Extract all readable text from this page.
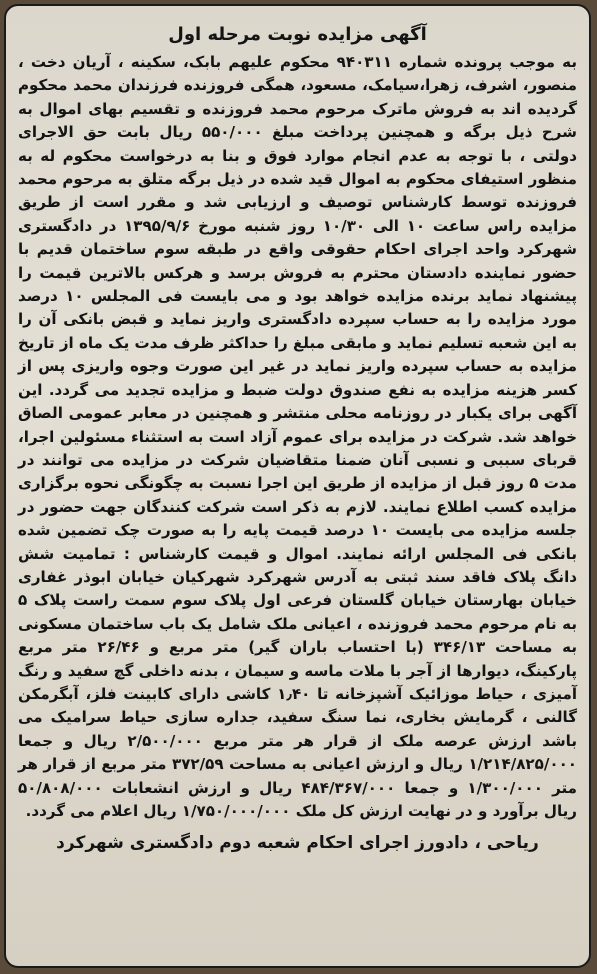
آگهی مزایده نوبت مرحله اول

به موجب پرونده شماره ۹۴۰۳۱۱ محکوم علیهم بابک، سکینه ، آریان دخت ، منصور، اشرف، زهرا،سیامک، مسعود، همگی فروزنده فرزندان محمد محکوم گردیده اند به فروش ماترک مرحوم محمد فروزنده و تقسیم بهای اموال به شرح ذیل برگه و همچنین پرداخت مبلغ ۵۵۰/۰۰۰ ریال بابت حق الاجرای دولتی ، با توجه به عدم انجام موارد فوق و بنا به درخواست محکوم له به منظور استیفای محکوم به اموال قید شده در ذیل برگه متلق به مرحوم محمد فروزنده توسط کارشناس توصیف و ارزیابی شد و مقرر است از طریق مزایده راس ساعت ۱۰ الی ۱۰/۳۰ روز شنبه مورخ ۱۳۹۵/۹/۶ در دادگستری شهرکرد واحد اجرای احکام حقوقی واقع در طبقه سوم ساختمان قدیم با حضور نماینده دادستان محترم به فروش برسد و هرکس بالاترین قیمت را پیشنهاد نماید برنده مزایده خواهد بود و می بایست فی المجلس ۱۰ درصد مورد مزایده را به حساب سپرده دادگستری واریز نماید و قبض بانکی آن را به این شعبه تسلیم نماید و مابقی مبلغ را حداکثر ظرف مدت یک ماه از تاریخ مزایده به حساب سپرده واریز نماید در غیر این صورت وجوه واریزی پس از کسر هزینه مزایده به نفع صندوق دولت ضبط و مزایده تجدید می گردد. این آگهی برای یکبار در روزنامه محلی منتشر و همچنین در معابر عمومی الصاق خواهد شد. شرکت در مزایده برای عموم آزاد است به استثناء مسئولین اجرا، قربای سببی و نسبی آنان ضمنا متقاضیان شرکت در مزایده می توانند در مدت ۵ روز قبل از مزایده از طریق این اجرا نسبت به چگونگی نحوه برگزاری مزایده کسب اطلاع نمایند. لازم به ذکر است شرکت کنندگان جهت حضور در جلسه مزایده می بایست ۱۰ درصد قیمت پایه را به صورت چک تضمین شده بانکی فی المجلس ارائه نمایند. اموال و قیمت کارشناس : تمامیت شش دانگ پلاک فاقد سند ثبتی به آدرس شهرکرد شهرکیان خیابان ابوذر غفاری خیابان بهارستان خیابان گلستان فرعی اول پلاک سوم سمت راست پلاک ۵ به نام مرحوم محمد فروزنده ، اعیانی ملک شامل یک باب ساختمان مسکونی به مساحت ۳۴۶/۱۳ (با احتساب باران گیر) متر مربع و ۲۶/۴۶ متر مربع پارکینگ، دیوارها از آجر با ملات ماسه و سیمان ، بدنه داخلی گچ سفید و رنگ آمیزی ، حیاط موزائیک آشپزخانه تا ۱٫۴۰ کاشی دارای کابینت فلز، آبگرمکن گالنی ، گرمایش بخاری، نما سنگ سفید، جداره سازی حیاط سرامیک می باشد ارزش عرصه ملک از قرار هر متر مربع ۲/۵۰۰/۰۰۰ ریال و جمعا ۱/۲۱۴/۸۲۵/۰۰۰ ریال و ارزش اعیانی به مساحت ۳۷۲/۵۹ متر مربع از قرار هر متر ۱/۳۰۰/۰۰۰ و جمعا ۴۸۴/۳۶۷/۰۰۰ ریال و ارزش انشعابات ۵۰/۸۰۸/۰۰۰ ریال برآورد و در نهایت ارزش کل ملک ۱/۷۵۰/۰۰۰/۰۰۰ ریال اعلام می گردد.

ریاحی ، دادورز اجرای احکام شعبه دوم دادگستری شهرکرد
